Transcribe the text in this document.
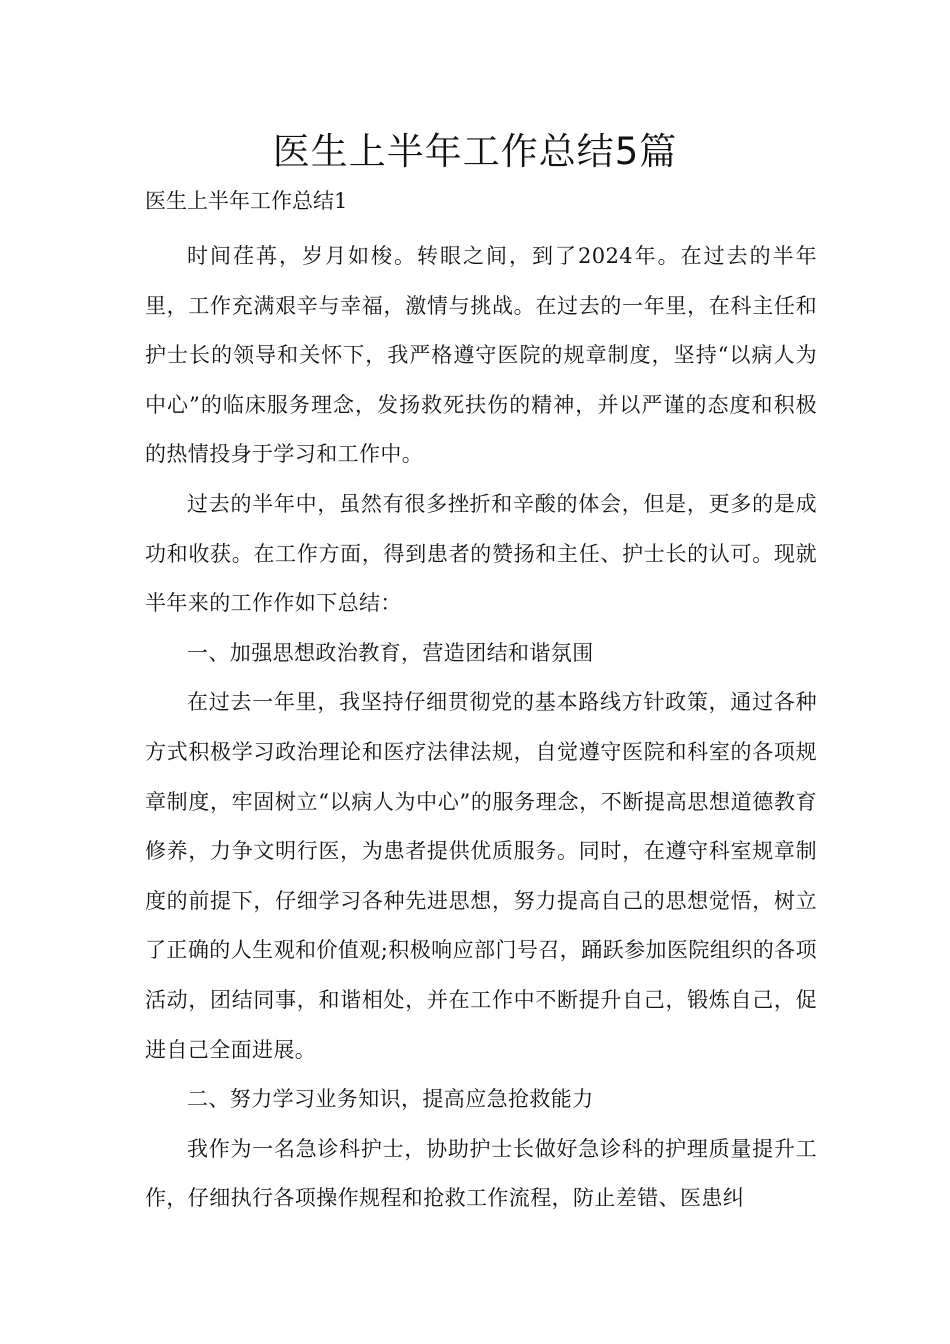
医生上半年工作总结5篇
医生上半年工作总结1

时间荏苒，岁月如梭。转眼之间，到了2024年。在过去的半年里，工作充满艰辛与幸福，激情与挑战。在过去的一年里，在科主任和护士长的领导和关怀下，我严格遵守医院的规章制度，坚持“以病人为中心”的临床服务理念，发扬救死扶伤的精神，并以严谨的态度和积极的热情投身于学习和工作中。

过去的半年中，虽然有很多挫折和辛酸的体会，但是，更多的是成功和收获。在工作方面，得到患者的赞扬和主任、护士长的认可。现就半年来的工作作如下总结：

一、加强思想政治教育，营造团结和谐氛围

在过去一年里，我坚持仔细贯彻党的基本路线方针政策，通过各种方式积极学习政治理论和医疗法律法规，自觉遵守医院和科室的各项规章制度，牢固树立“以病人为中心”的服务理念，不断提高思想道德教育修养，力争文明行医，为患者提供优质服务。同时，在遵守科室规章制度的前提下，仔细学习各种先进思想，努力提高自己的思想觉悟，树立了正确的人生观和价值观;积极响应部门号召，踊跃参加医院组织的各项活动，团结同事，和谐相处，并在工作中不断提升自己，锻炼自己，促进自己全面进展。

二、努力学习业务知识，提高应急抢救能力

我作为一名急诊科护士，协助护士长做好急诊科的护理质量提升工作，仔细执行各项操作规程和抢救工作流程，防止差错、医患纠
